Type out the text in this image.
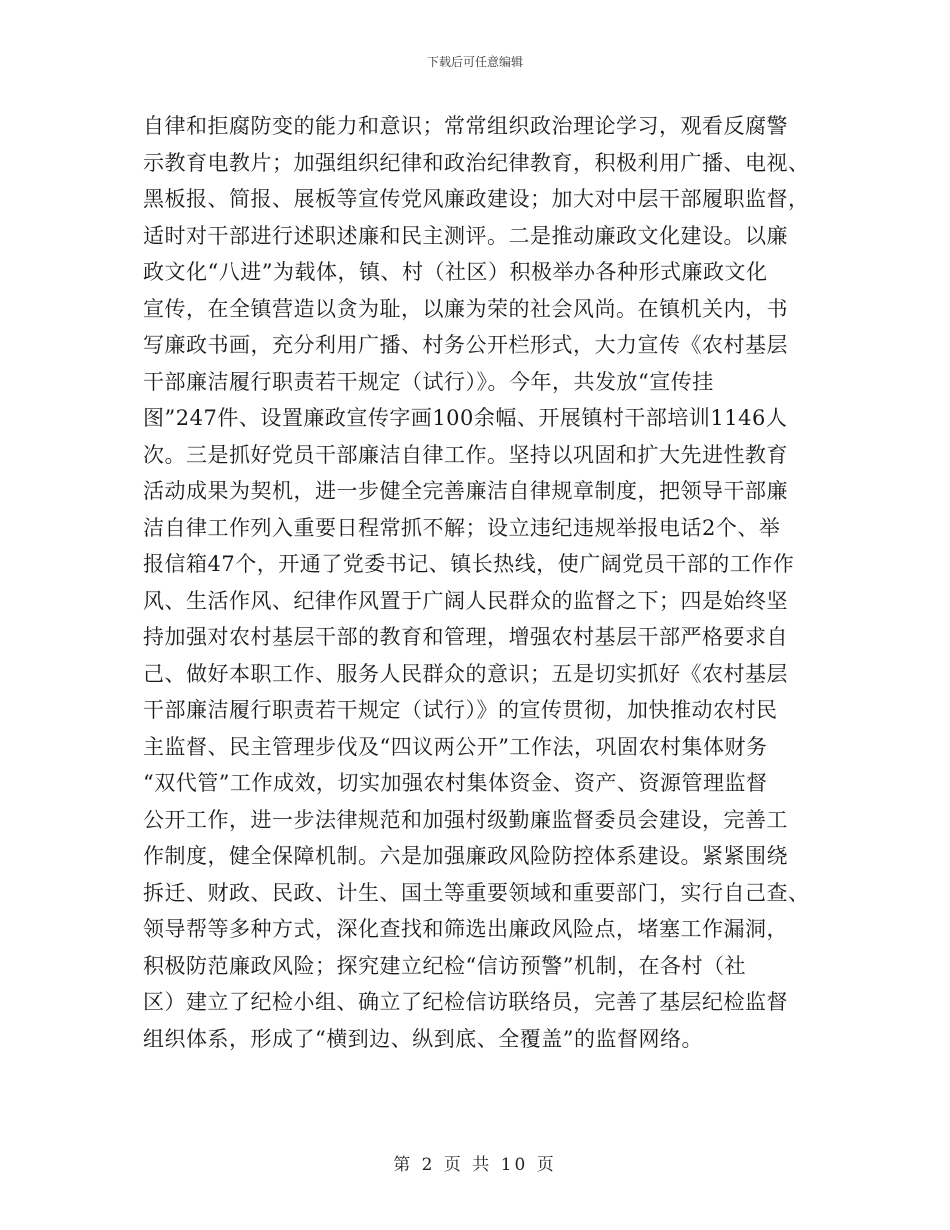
下载后可任意编辑
自律和拒腐防变的能力和意识；常常组织政治理论学习，观看反腐警
示教育电教片；加强组织纪律和政治纪律教育，积极利用广播、电视、
黑板报、简报、展板等宣传党风廉政建设；加大对中层干部履职监督，
适时对干部进行述职述廉和民主测评。二是推动廉政文化建设。以廉
政文化“八进”为载体，镇、村（社区）积极举办各种形式廉政文化
宣传，在全镇营造以贪为耻，以廉为荣的社会风尚。在镇机关内，书
写廉政书画，充分利用广播、村务公开栏形式，大力宣传《农村基层
干部廉洁履行职责若干规定（试行）》。今年，共发放“宣传挂
图”247件、设置廉政宣传字画100余幅、开展镇村干部培训1146人
次。三是抓好党员干部廉洁自律工作。坚持以巩固和扩大先进性教育
活动成果为契机，进一步健全完善廉洁自律规章制度，把领导干部廉
洁自律工作列入重要日程常抓不解；设立违纪违规举报电话2个、举
报信箱47个，开通了党委书记、镇长热线，使广阔党员干部的工作作
风、生活作风、纪律作风置于广阔人民群众的监督之下；四是始终坚
持加强对农村基层干部的教育和管理，增强农村基层干部严格要求自
己、做好本职工作、服务人民群众的意识；五是切实抓好《农村基层
干部廉洁履行职责若干规定（试行）》的宣传贯彻，加快推动农村民
主监督、民主管理步伐及“四议两公开”工作法，巩固农村集体财务
“双代管”工作成效，切实加强农村集体资金、资产、资源管理监督
公开工作，进一步法律规范和加强村级勤廉监督委员会建设，完善工
作制度，健全保障机制。六是加强廉政风险防控体系建设。紧紧围绕
拆迁、财政、民政、计生、国土等重要领域和重要部门，实行自己查、
领导帮等多种方式，深化查找和筛选出廉政风险点，堵塞工作漏洞，
积极防范廉政风险；探究建立纪检“信访预警”机制，在各村（社
区）建立了纪检小组、确立了纪检信访联络员，完善了基层纪检监督
组织体系，形成了“横到边、纵到底、全覆盖”的监督网络。
第 2 页 共 10 页
